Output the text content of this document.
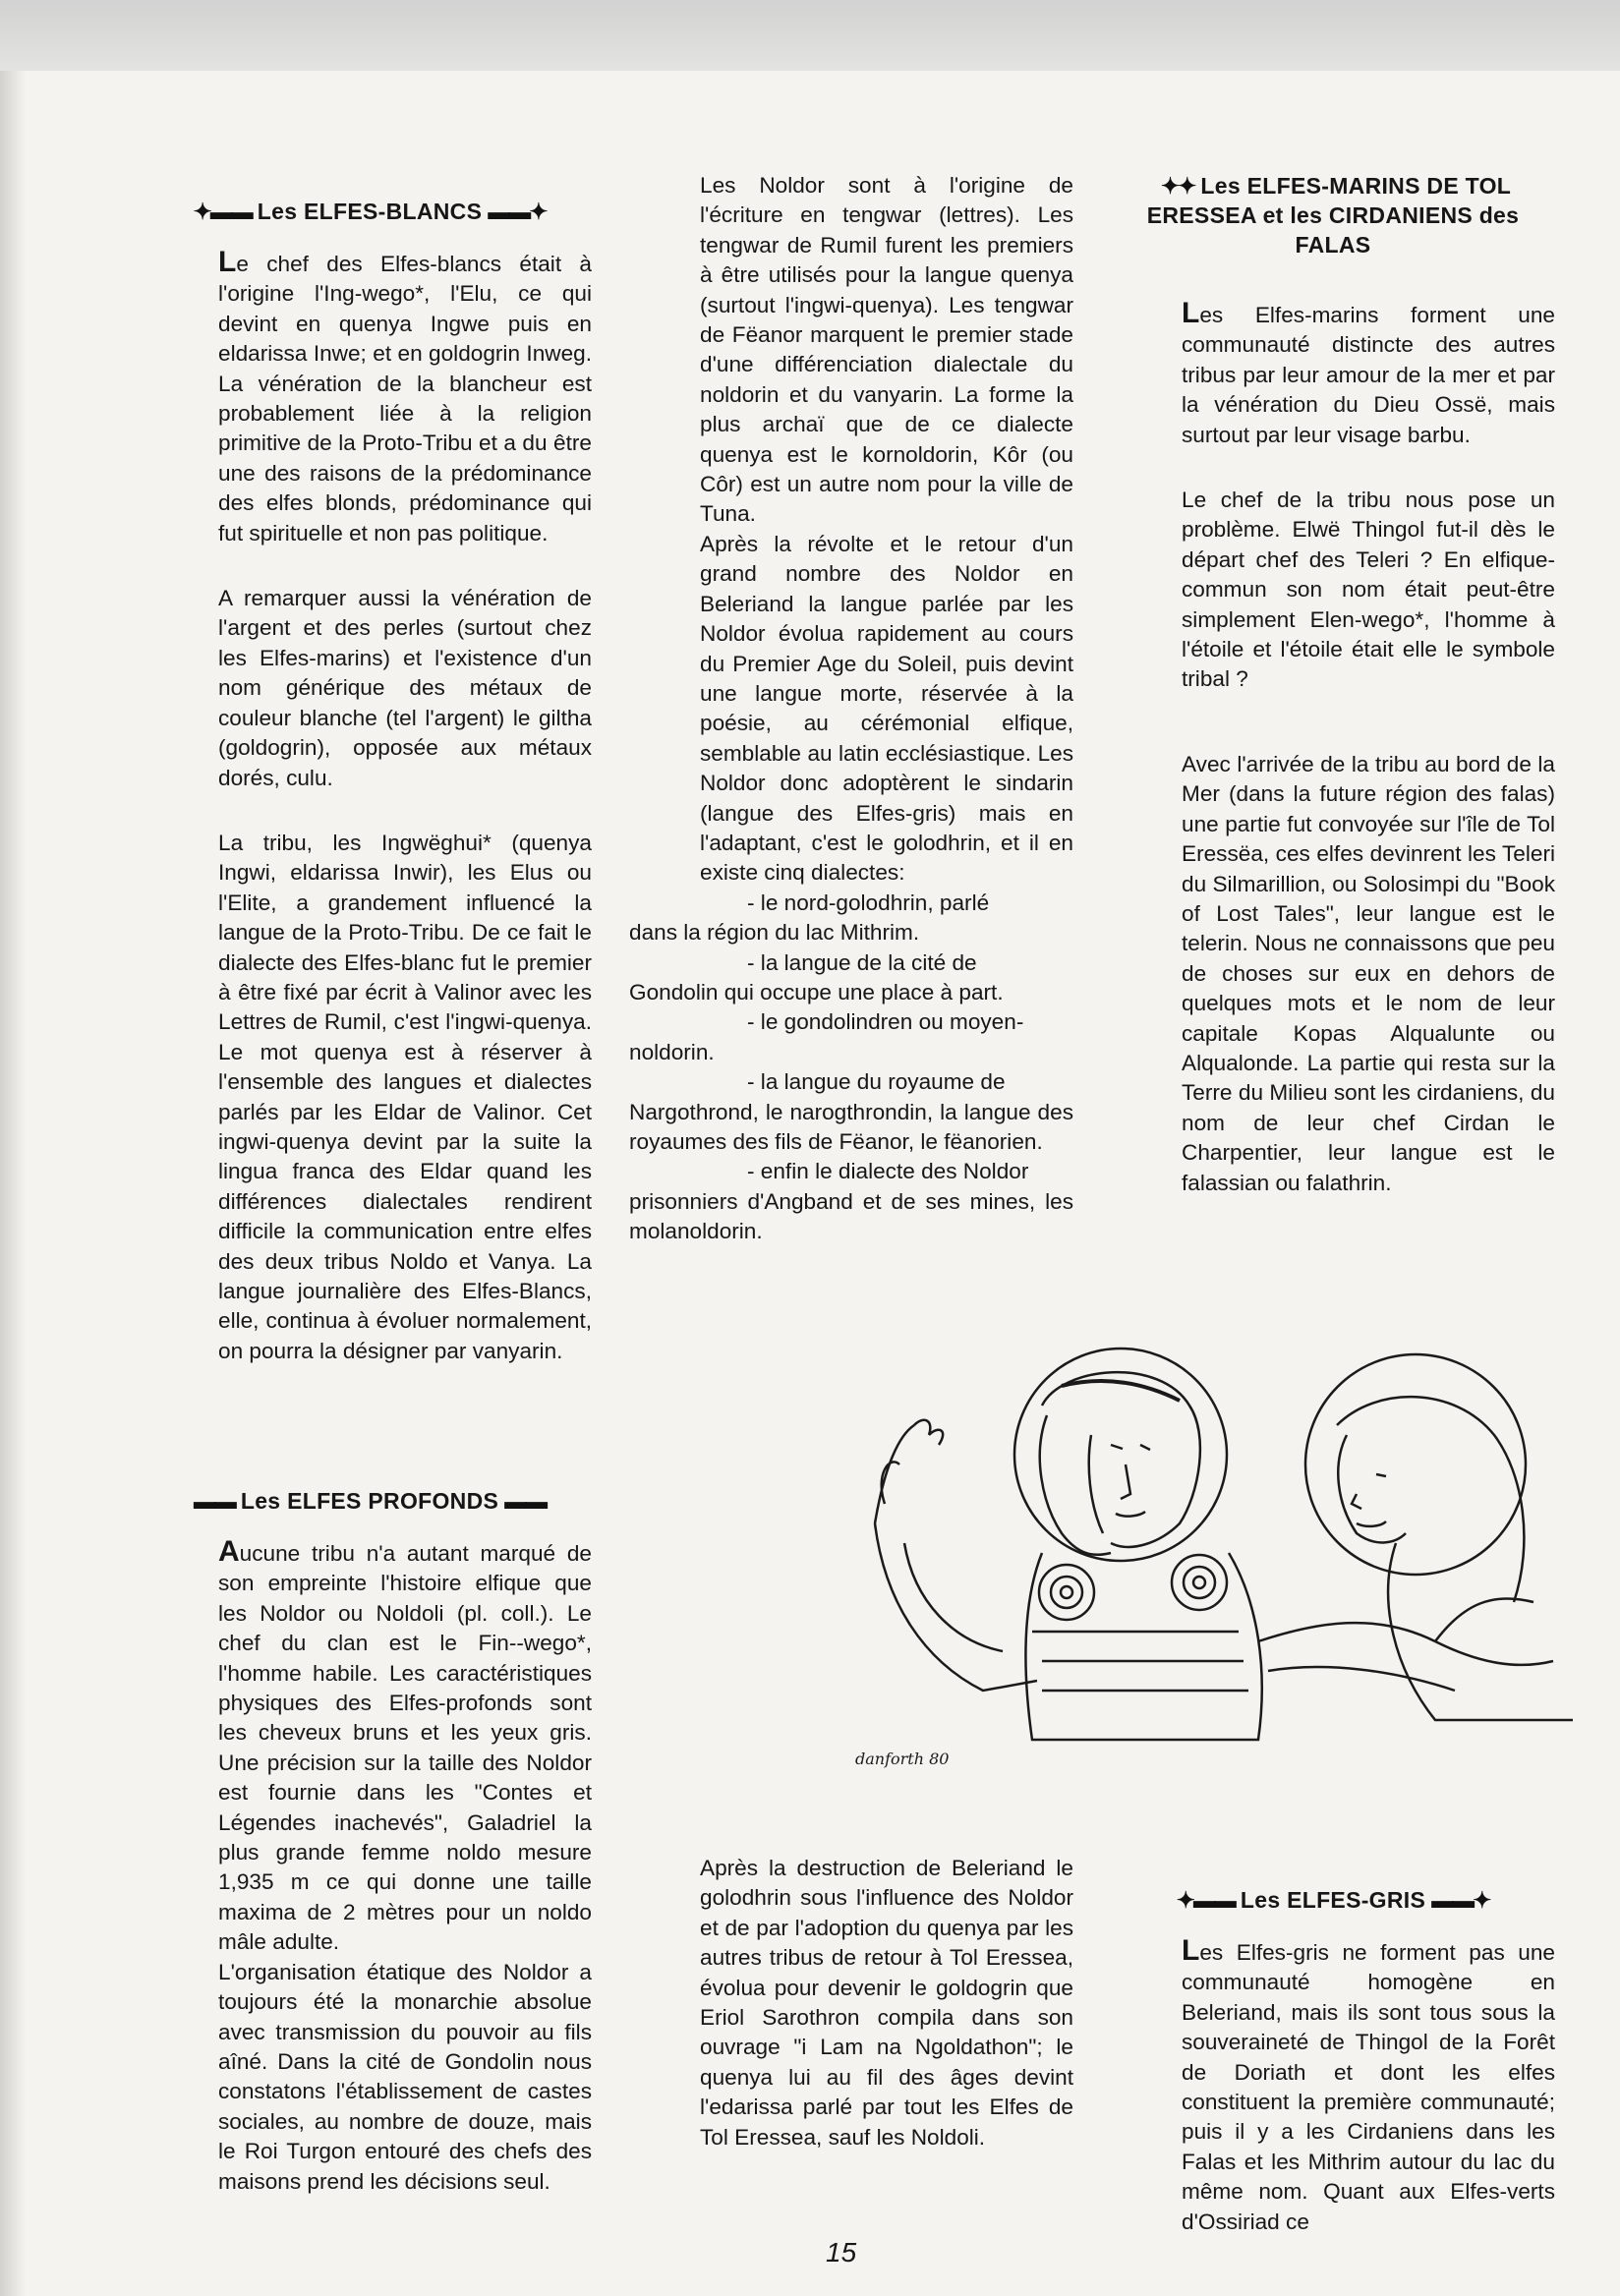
✦▬▬ Les ELFES-BLANCS ▬▬✦

Le chef des Elfes-blancs était à l'origine l'Ing-wego*, l'Elu, ce qui devint en quenya Ingwe puis en eldarissa Inwe; et en goldogrin Inweg. La vénération de la blancheur est probablement liée à la religion primitive de la Proto-Tribu et a du être une des raisons de la prédominance des elfes blonds, prédominance qui fut spirituelle et non pas politique.

A remarquer aussi la vénération de l'argent et des perles (surtout chez les Elfes-marins) et l'existence d'un nom générique des métaux de couleur blanche (tel l'argent) le giltha (goldogrin), opposée aux métaux dorés, culu.

La tribu, les Ingwëghui* (quenya Ingwi, eldarissa Inwir), les Elus ou l'Elite, a grandement influencé la langue de la Proto-Tribu. De ce fait le dialecte des Elfes-blanc fut le premier à être fixé par écrit à Valinor avec les Lettres de Rumil, c'est l'ingwi-quenya. Le mot quenya est à réserver à l'ensemble des langues et dialectes parlés par les Eldar de Valinor. Cet ingwi-quenya devint par la suite la lingua franca des Eldar quand les différences dialectales rendirent difficile la communication entre elfes des deux tribus Noldo et Vanya. La langue journalière des Elfes-Blancs, elle, continua à évoluer normalement, on pourra la désigner par vanyarin.

▬▬ Les ELFES PROFONDS ▬▬

Aucune tribu n'a autant marqué de son empreinte l'histoire elfique que les Noldor ou Noldoli (pl. coll.). Le chef du clan est le Fin--wego*, l'homme habile. Les caractéristiques physiques des Elfes-profonds sont les cheveux bruns et les yeux gris. Une précision sur la taille des Noldor est fournie dans les "Contes et Légendes inachevés", Galadriel la plus grande femme noldo mesure 1,935 m ce qui donne une taille maxima de 2 mètres pour un noldo mâle adulte.

L'organisation étatique des Noldor a toujours été la monarchie absolue avec transmission du pouvoir au fils aîné. Dans la cité de Gondolin nous constatons l'établissement de castes sociales, au nombre de douze, mais le Roi Turgon entouré des chefs des maisons prend les décisions seul.

Les Noldor sont à l'origine de l'écriture en tengwar (lettres). Les tengwar de Rumil furent les premiers à être utilisés pour la langue quenya (surtout l'ingwi-quenya). Les tengwar de Fëanor marquent le premier stade d'une différenciation dialectale du noldorin et du vanyarin. La forme la plus archaï que de ce dialecte quenya est le kornoldorin, Kôr (ou Côr) est un autre nom pour la ville de Tuna.

Après la révolte et le retour d'un grand nombre des Noldor en Beleriand la langue parlée par les Noldor évolua rapidement au cours du Premier Age du Soleil, puis devint une langue morte, réservée à la poésie, au cérémonial elfique, semblable au latin ecclésiastique. Les Noldor donc adoptèrent le sindarin (langue des Elfes-gris) mais en l'adaptant, c'est le golodhrin, et il en existe cinq dialectes:

- le nord-golodhrin, parlé

dans la région du lac Mithrim.

- la langue de la cité de

Gondolin qui occupe une place à part.

- le gondolindren ou moyen-

noldorin.

- la langue du royaume de

Nargothrond, le narogthrondin, la langue des royaumes des fils de Fëanor, le fëanorien.

- enfin le dialecte des Noldor

prisonniers d'Angband et de ses mines, les molanoldorin.

Après la destruction de Beleriand le golodhrin sous l'influence des Noldor et de par l'adoption du quenya par les autres tribus de retour à Tol Eressea, évolua pour devenir le goldogrin que Eriol Sarothron compila dans son ouvrage "i Lam na Ngoldathon"; le quenya lui au fil des âges devint l'edarissa parlé par tout les Elfes de Tol Eressea, sauf les Noldoli.

✦✦ Les ELFES-MARINS DE TOL
ERESSEA et les CIRDANIENS des
FALAS

Les Elfes-marins forment une communauté distincte des autres tribus par leur amour de la mer et par la vénération du Dieu Ossë, mais surtout par leur visage barbu.

Le chef de la tribu nous pose un problème. Elwë Thingol fut-il dès le départ chef des Teleri ? En elfique-commun son nom était peut-être simplement Elen-wego*, l'homme à l'étoile et l'étoile était elle le symbole tribal ?

Avec l'arrivée de la tribu au bord de la Mer (dans la future région des falas) une partie fut convoyée sur l'île de Tol Eressëa, ces elfes devinrent les Teleri du Silmarillion, ou Solosimpi du "Book of Lost Tales", leur langue est le telerin. Nous ne connaissons que peu de choses sur eux en dehors de quelques mots et le nom de leur capitale Kopas Alqualunte ou Alqualonde. La partie qui resta sur la Terre du Milieu sont les cirdaniens, du nom de leur chef Cirdan le Charpentier, leur langue est le falassian ou falathrin.

✦▬▬ Les ELFES-GRIS ▬▬✦

Les Elfes-gris ne forment pas une communauté homogène en Beleriand, mais ils sont tous sous la souveraineté de Thingol de la Forêt de Doriath et dont les elfes constituent la première communauté; puis il y a les Cirdaniens dans les Falas et les Mithrim autour du lac du même nom. Quant aux Elfes-verts d'Ossiriad ce

danforth 80
15
